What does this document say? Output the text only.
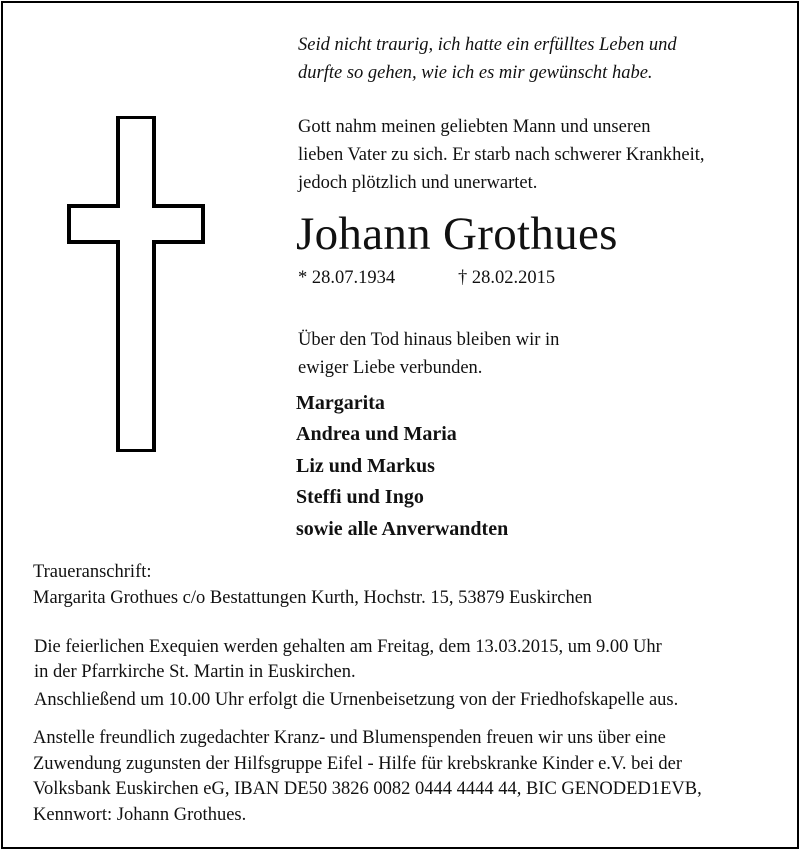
Seid nicht traurig, ich hatte ein erfülltes Leben und
durfte so gehen, wie ich es mir gewünscht habe.
Gott nahm meinen geliebten Mann und unseren
lieben Vater zu sich. Er starb nach schwerer Krankheit,
jedoch plötzlich und unerwartet.
Johann Grothues
* 28.07.1934	† 28.02.2015
Über den Tod hinaus bleiben wir in
ewiger Liebe verbunden.
Margarita
Andrea und Maria
Liz und Markus
Steffi und Ingo
sowie alle Anverwandten
Traueranschrift:
Margarita Grothues c/o Bestattungen Kurth, Hochstr. 15, 53879 Euskirchen
Die feierlichen Exequien werden gehalten am Freitag, dem 13.03.2015, um 9.00 Uhr
in der Pfarrkirche St. Martin in Euskirchen.
Anschließend um 10.00 Uhr erfolgt die Urnenbeisetzung von der Friedhofskapelle aus.
Anstelle freundlich zugedachter Kranz- und Blumenspenden freuen wir uns über eine
Zuwendung zugunsten der Hilfsgruppe Eifel - Hilfe für krebskranke Kinder e.V. bei der
Volksbank Euskirchen eG, IBAN DE50 3826 0082 0444 4444 44, BIC GENODED1EVB,
Kennwort: Johann Grothues.
